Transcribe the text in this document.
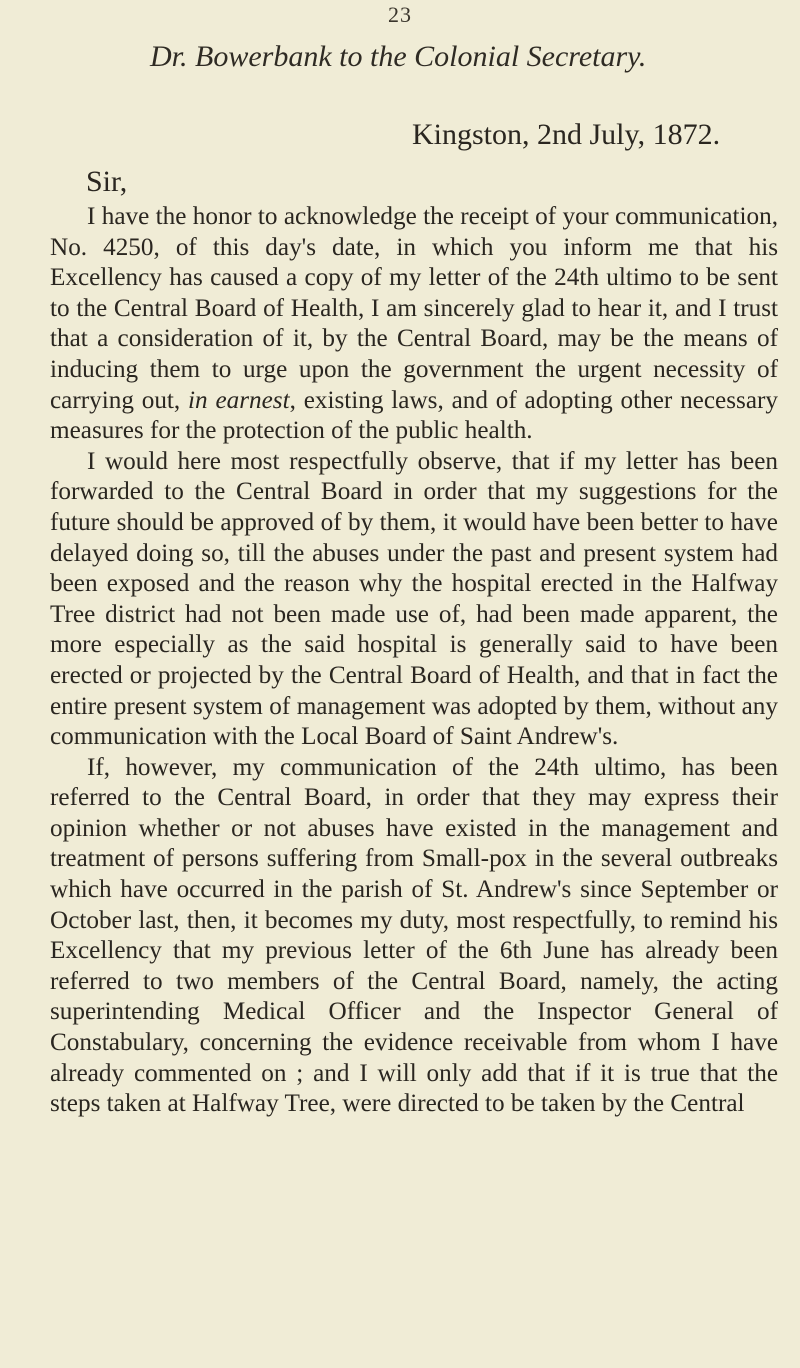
23
Dr. Bowerbank to the Colonial Secretary.
Kingston, 2nd July, 1872.
Sir,

I have the honor to acknowledge the receipt of your communication, No. 4250, of this day's date, in which you inform me that his Excellency has caused a copy of my letter of the 24th ultimo to be sent to the Central Board of Health, I am sincerely glad to hear it, and I trust that a consideration of it, by the Central Board, may be the means of inducing them to urge upon the government the urgent necessity of carrying out, in earnest, existing laws, and of adopting other necessary measures for the protection of the public health.

I would here most respectfully observe, that if my letter has been forwarded to the Central Board in order that my suggestions for the future should be approved of by them, it would have been better to have delayed doing so, till the abuses under the past and present system had been exposed and the reason why the hospital erected in the Halfway Tree district had not been made use of, had been made apparent, the more especially as the said hospital is generally said to have been erected or projected by the Central Board of Health, and that in fact the entire present system of management was adopted by them, without any communication with the Local Board of Saint Andrew's.

If, however, my communication of the 24th ultimo, has been referred to the Central Board, in order that they may express their opinion whether or not abuses have existed in the management and treatment of persons suffering from Small-pox in the several outbreaks which have occurred in the parish of St. Andrew's since September or October last, then, it becomes my duty, most respectfully, to remind his Excellency that my previous letter of the 6th June has already been referred to two members of the Central Board, namely, the acting superintending Medical Officer and the Inspector General of Constabulary, concerning the evidence receivable from whom I have already commented on ; and I will only add that if it is true that the steps taken at Halfway Tree, were directed to be taken by the Central
